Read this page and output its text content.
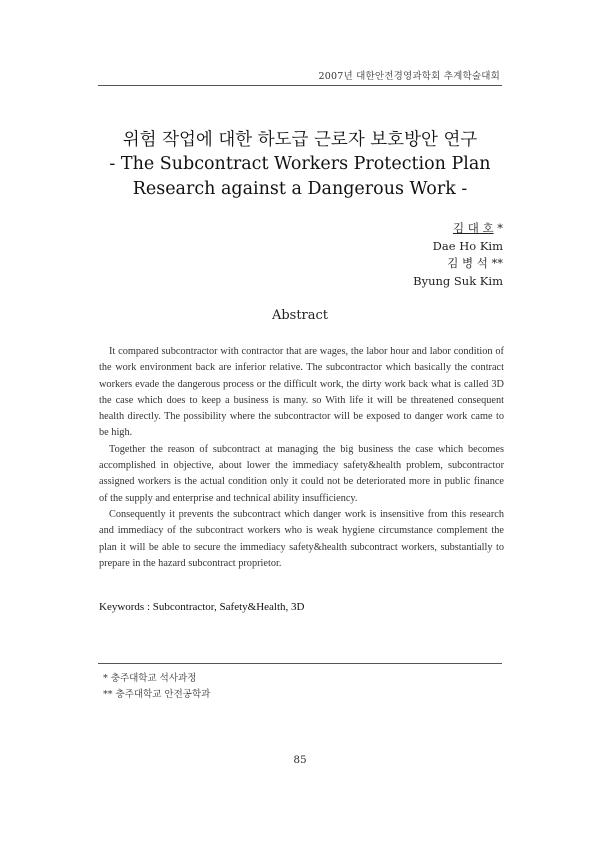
2007년 대한안전경영과학회 추계학술대회
위험 작업에 대한 하도급 근로자 보호방안 연구
- The Subcontract Workers Protection Plan
Research against a Dangerous Work -
김 대 호 *
Dae Ho Kim
김 병 석 **
Byung Suk Kim
Abstract

It compared subcontractor with contractor that are wages, the labor hour and labor condition of the work environment back are inferior relative. The subcontractor which basically the contract workers evade the dangerous process or the difficult work, the dirty work back what is called 3D the case which does to keep a business is many. so With life it will be threatened consequent health directly. The possibility where the subcontractor will be exposed to danger work came to be high.

Together the reason of subcontract at managing the big business the case which becomes accomplished in objective, about lower the immediacy safety&health problem, subcontractor assigned workers is the actual condition only it could not be deteriorated more in public finance of the supply and enterprise and technical ability insufficiency.

Consequently it prevents the subcontract which danger work is insensitive from this research and immediacy of the subcontract workers who is weak hygiene circumstance complement the plan it will be able to secure the immediacy safety&health subcontract workers, substantially to prepare in the hazard subcontract proprietor.

Keywords : Subcontractor, Safety&Health, 3D
* 충주대학교 석사과정
** 충주대학교 안전공학과
85
